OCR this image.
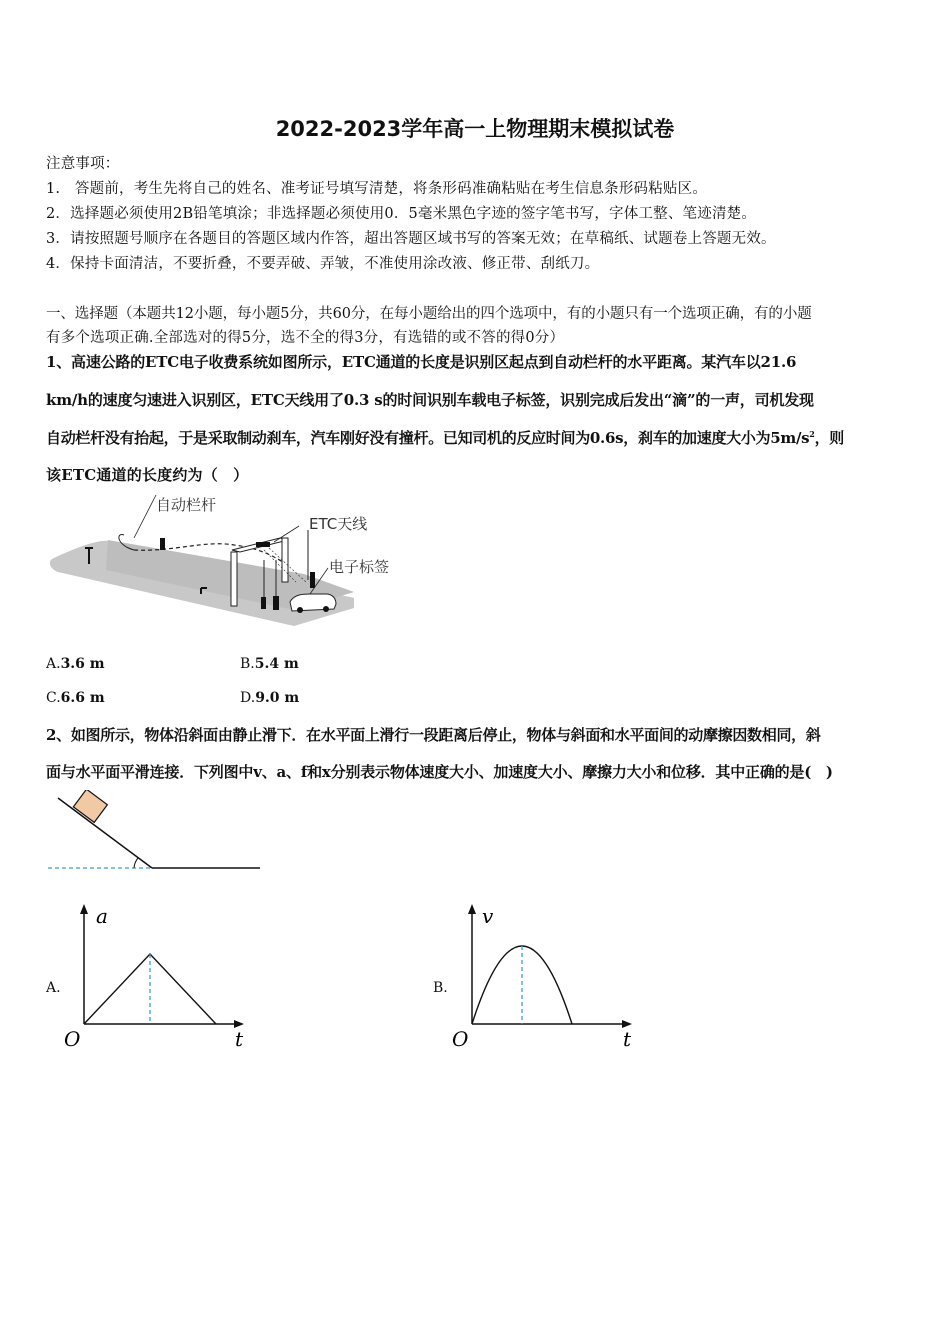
2022-2023学年高一上物理期末模拟试卷
注意事项：
1.　答题前，考生先将自己的姓名、准考证号填写清楚，将条形码准确粘贴在考生信息条形码粘贴区。
2．选择题必须使用2B铅笔填涂；非选择题必须使用0．5毫米黑色字迹的签字笔书写，字体工整、笔迹清楚。
3．请按照题号顺序在各题目的答题区域内作答，超出答题区域书写的答案无效；在草稿纸、试题卷上答题无效。
4．保持卡面清洁，不要折叠，不要弄破、弄皱，不准使用涂改液、修正带、刮纸刀。
一、选择题（本题共12小题，每小题5分，共60分，在每小题给出的四个选项中，有的小题只有一个选项正确，有的小题
有多个选项正确.全部选对的得5分，选不全的得3分，有选错的或不答的得0分）
1、高速公路的ETC电子收费系统如图所示，ETC通道的长度是识别区起点到自动栏杆的水平距离。某汽车以21.6
km/h的速度匀速进入识别区，ETC天线用了0.3 s的时间识别车载电子标签，识别完成后发出“滴”的一声，司机发现
自动栏杆没有抬起，于是采取制动刹车，汽车刚好没有撞杆。已知司机的反应时间为0.6s，刹车的加速度大小为$5m/s^2$，则
该ETC通道的长度约为（　）
自动栏杆
ETC天线
电子标签
A.3.6 m	B.5.4 m
C.6.6 m	D.9.0 m
2、如图所示，物体沿斜面由静止滑下．在水平面上滑行一段距离后停止，物体与斜面和水平面间的动摩擦因数相同，斜
面与水平面平滑连接．下列图中v、a、f和x分别表示物体速度大小、加速度大小、摩擦力大小和位移．其中正确的是(　)
A.
a
t
O
B.
v
t
O
